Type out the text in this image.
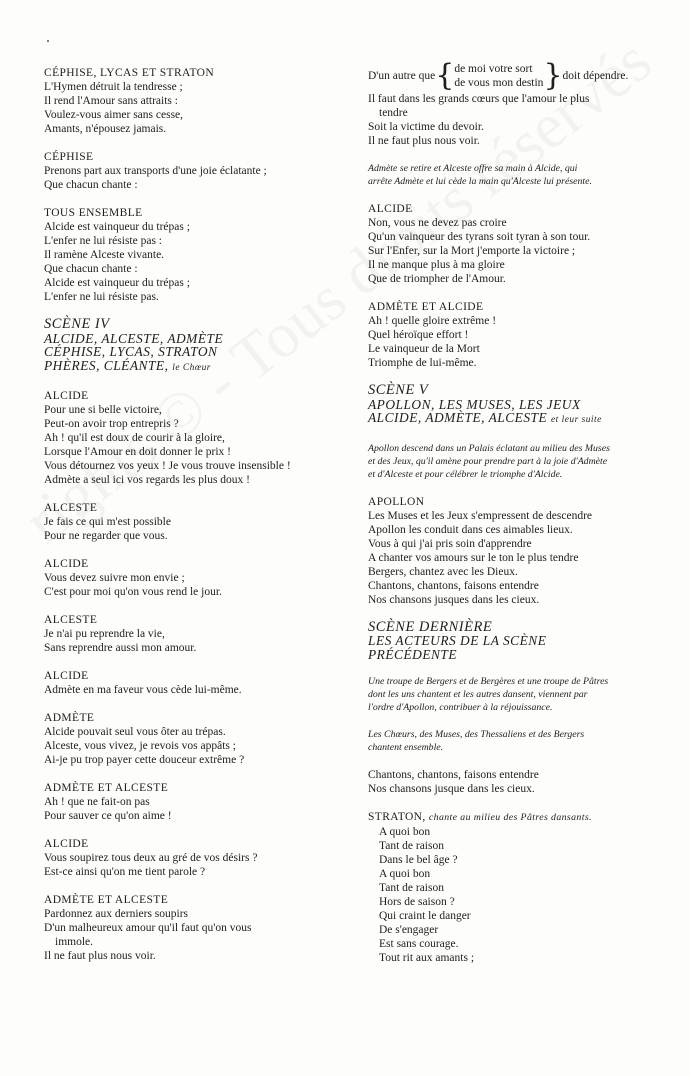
CÉPHISE, LYCAS ET STRATON
L'Hymen détruit la tendresse ;
Il rend l'Amour sans attraits :
Voulez-vous aimer sans cesse,
Amants, n'épousez jamais.
CÉPHISE
Prenons part aux transports d'une joie éclatante ;
Que chacun chante :
TOUS ENSEMBLE
Alcide est vainqueur du trépas ;
L'enfer ne lui résiste pas :
Il ramène Alceste vivante.
Que chacun chante :
Alcide est vainqueur du trépas ;
L'enfer ne lui résiste pas.
SCÈNE IV
ALCIDE, ALCESTE, ADMÈTE
CÉPHISE, LYCAS, STRATON
PHÈRES, CLÉANTE, le Chœur
ALCIDE
Pour une si belle victoire,
Peut-on avoir trop entrepris ?
Ah ! qu'il est doux de courir à la gloire,
Lorsque l'Amour en doit donner le prix !
Vous détournez vos yeux ! Je vous trouve insensible !
Admète a seul ici vos regards les plus doux !
ALCESTE
Je fais ce qui m'est possible
Pour ne regarder que vous.
ALCIDE
Vous devez suivre mon envie ;
C'est pour moi qu'on vous rend le jour.
ALCESTE
Je n'ai pu reprendre la vie,
Sans reprendre aussi mon amour.
ALCIDE
Admète en ma faveur vous cède lui-même.
ADMÈTE
Alcide pouvait seul vous ôter au trépas.
Alceste, vous vivez, je revois vos appâts ;
Ai-je pu trop payer cette douceur extrême ?
ADMÈTE ET ALCESTE
Ah ! que ne fait-on pas
Pour sauver ce qu'on aime !
ALCIDE
Vous soupirez tous deux au gré de vos désirs ?
Est-ce ainsi qu'on me tient parole ?
ADMÈTE ET ALCESTE
Pardonnez aux derniers soupirs
D'un malheureux amour qu'il faut qu'on vous
immole.
Il ne faut plus nous voir.
D'un autre que { de moi votre sort
de vous mon destin } doit dépendre.
Il faut dans les grands cœurs que l'amour le plus
tendre
Soit la victime du devoir.
Il ne faut plus nous voir.
Admète se retire et Alceste offre sa main à Alcide, qui
arrête Admète et lui cède la main qu'Alceste lui présente.
ALCIDE
Non, vous ne devez pas croire
Qu'un vainqueur des tyrans soit tyran à son tour.
Sur l'Enfer, sur la Mort j'emporte la victoire ;
Il ne manque plus à ma gloire
Que de triompher de l'Amour.
ADMÈTE ET ALCIDE
Ah ! quelle gloire extrême !
Quel héroïque effort !
Le vainqueur de la Mort
Triomphe de lui-même.
SCÈNE V
APOLLON, LES MUSES, LES JEUX
ALCIDE, ADMÈTE, ALCESTE et leur suite
Apollon descend dans un Palais éclatant au milieu des Muses
et des Jeux, qu'il amène pour prendre part à la joie d'Admète
et d'Alceste et pour célébrer le triomphe d'Alcide.
APOLLON
Les Muses et les Jeux s'empressent de descendre
Apollon les conduit dans ces aimables lieux.
Vous à qui j'ai pris soin d'apprendre
A chanter vos amours sur le ton le plus tendre
Bergers, chantez avec les Dieux.
Chantons, chantons, faisons entendre
Nos chansons jusques dans les cieux.
SCÈNE DERNIÈRE
LES ACTEURS DE LA SCÈNE
PRÉCÉDENTE
Une troupe de Bergers et de Bergères et une troupe de Pâtres
dont les uns chantent et les autres dansent, viennent par
l'ordre d'Apollon, contribuer à la réjouissance.
Les Chœurs, des Muses, des Thessaliens et des Bergers
chantent ensemble.
Chantons, chantons, faisons entendre
Nos chansons jusque dans les cieux.
STRATON, chante au milieu des Pâtres dansants.
A quoi bon
Tant de raison
Dans le bel âge ?
A quoi bon
Tant de raison
Hors de saison ?
Qui craint le danger
De s'engager
Est sans courage.
Tout rit aux amants ;
